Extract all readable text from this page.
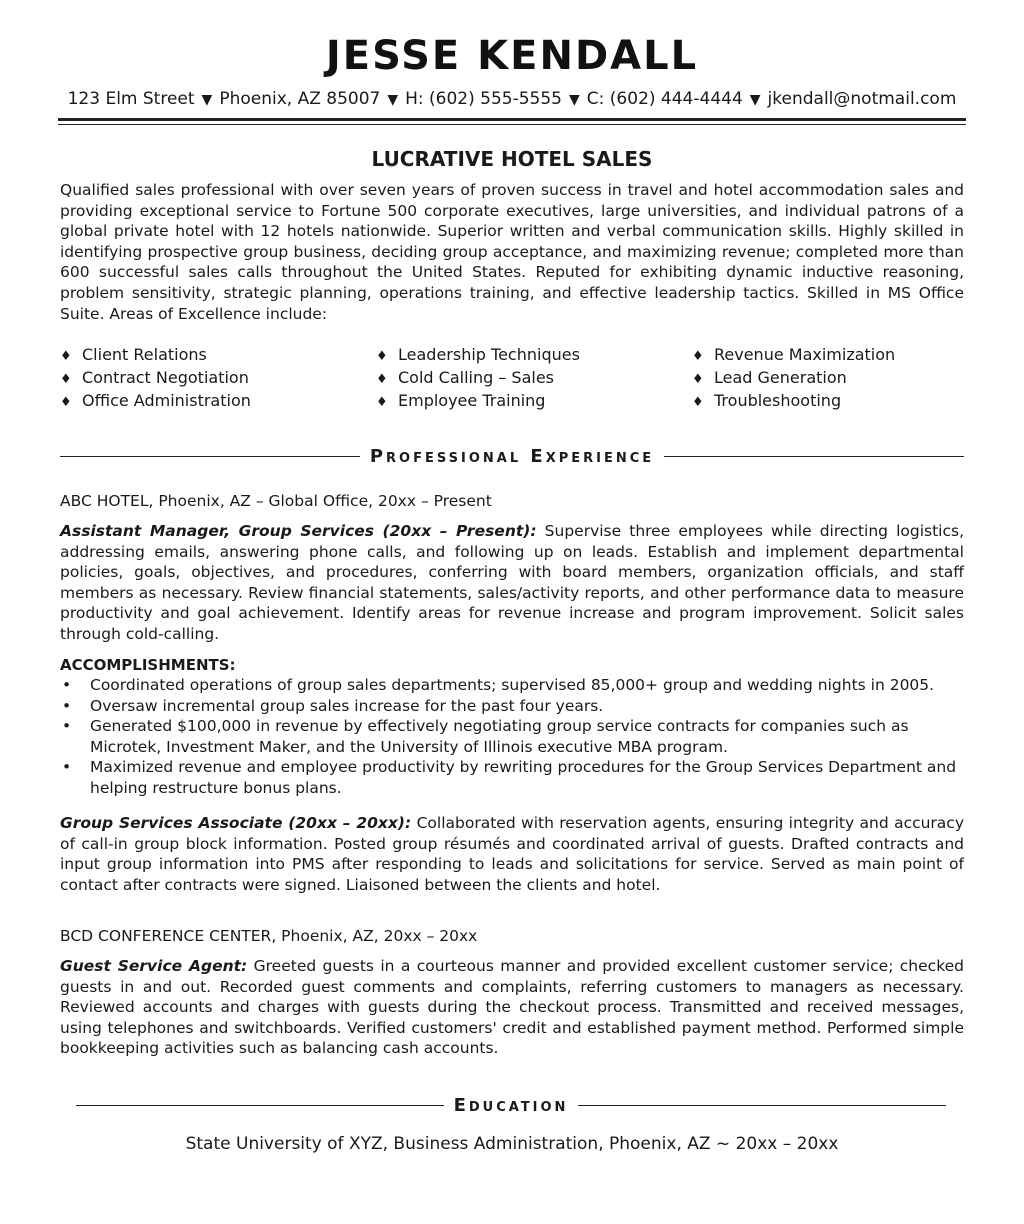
JESSE KENDALL
123 Elm Street ▼ Phoenix, AZ 85007 ▼ H: (602) 555-5555 ▼ C: (602) 444-4444 ▼ jkendall@notmail.com
LUCRATIVE HOTEL SALES
Qualified sales professional with over seven years of proven success in travel and hotel accommodation sales and providing exceptional service to Fortune 500 corporate executives, large universities, and individual patrons of a global private hotel with 12 hotels nationwide. Superior written and verbal communication skills. Highly skilled in identifying prospective group business, deciding group acceptance, and maximizing revenue; completed more than 600 successful sales calls throughout the United States. Reputed for exhibiting dynamic inductive reasoning, problem sensitivity, strategic planning, operations training, and effective leadership tactics. Skilled in MS Office Suite. Areas of Excellence include:
♦ Client Relations
♦ Contract Negotiation
♦ Office Administration
♦ Leadership Techniques
♦ Cold Calling – Sales
♦ Employee Training
♦ Revenue Maximization
♦ Lead Generation
♦ Troubleshooting
Professional Experience
ABC HOTEL, Phoenix, AZ – Global Office, 20xx – Present
Assistant Manager, Group Services (20xx – Present): Supervise three employees while directing logistics, addressing emails, answering phone calls, and following up on leads. Establish and implement departmental policies, goals, objectives, and procedures, conferring with board members, organization officials, and staff members as necessary. Review financial statements, sales/activity reports, and other performance data to measure productivity and goal achievement. Identify areas for revenue increase and program improvement. Solicit sales through cold-calling.
ACCOMPLISHMENTS:
• Coordinated operations of group sales departments; supervised 85,000+ group and wedding nights in 2005.
• Oversaw incremental group sales increase for the past four years.
• Generated $100,000 in revenue by effectively negotiating group service contracts for companies such as Microtek, Investment Maker, and the University of Illinois executive MBA program.
• Maximized revenue and employee productivity by rewriting procedures for the Group Services Department and helping restructure bonus plans.
Group Services Associate (20xx – 20xx): Collaborated with reservation agents, ensuring integrity and accuracy of call-in group block information. Posted group résumés and coordinated arrival of guests. Drafted contracts and input group information into PMS after responding to leads and solicitations for service. Served as main point of contact after contracts were signed. Liaisoned between the clients and hotel.
BCD CONFERENCE CENTER, Phoenix, AZ, 20xx – 20xx
Guest Service Agent: Greeted guests in a courteous manner and provided excellent customer service; checked guests in and out. Recorded guest comments and complaints, referring customers to managers as necessary. Reviewed accounts and charges with guests during the checkout process. Transmitted and received messages, using telephones and switchboards. Verified customers' credit and established payment method. Performed simple bookkeeping activities such as balancing cash accounts.
Education
State University of XYZ, Business Administration, Phoenix, AZ ~ 20xx – 20xx
